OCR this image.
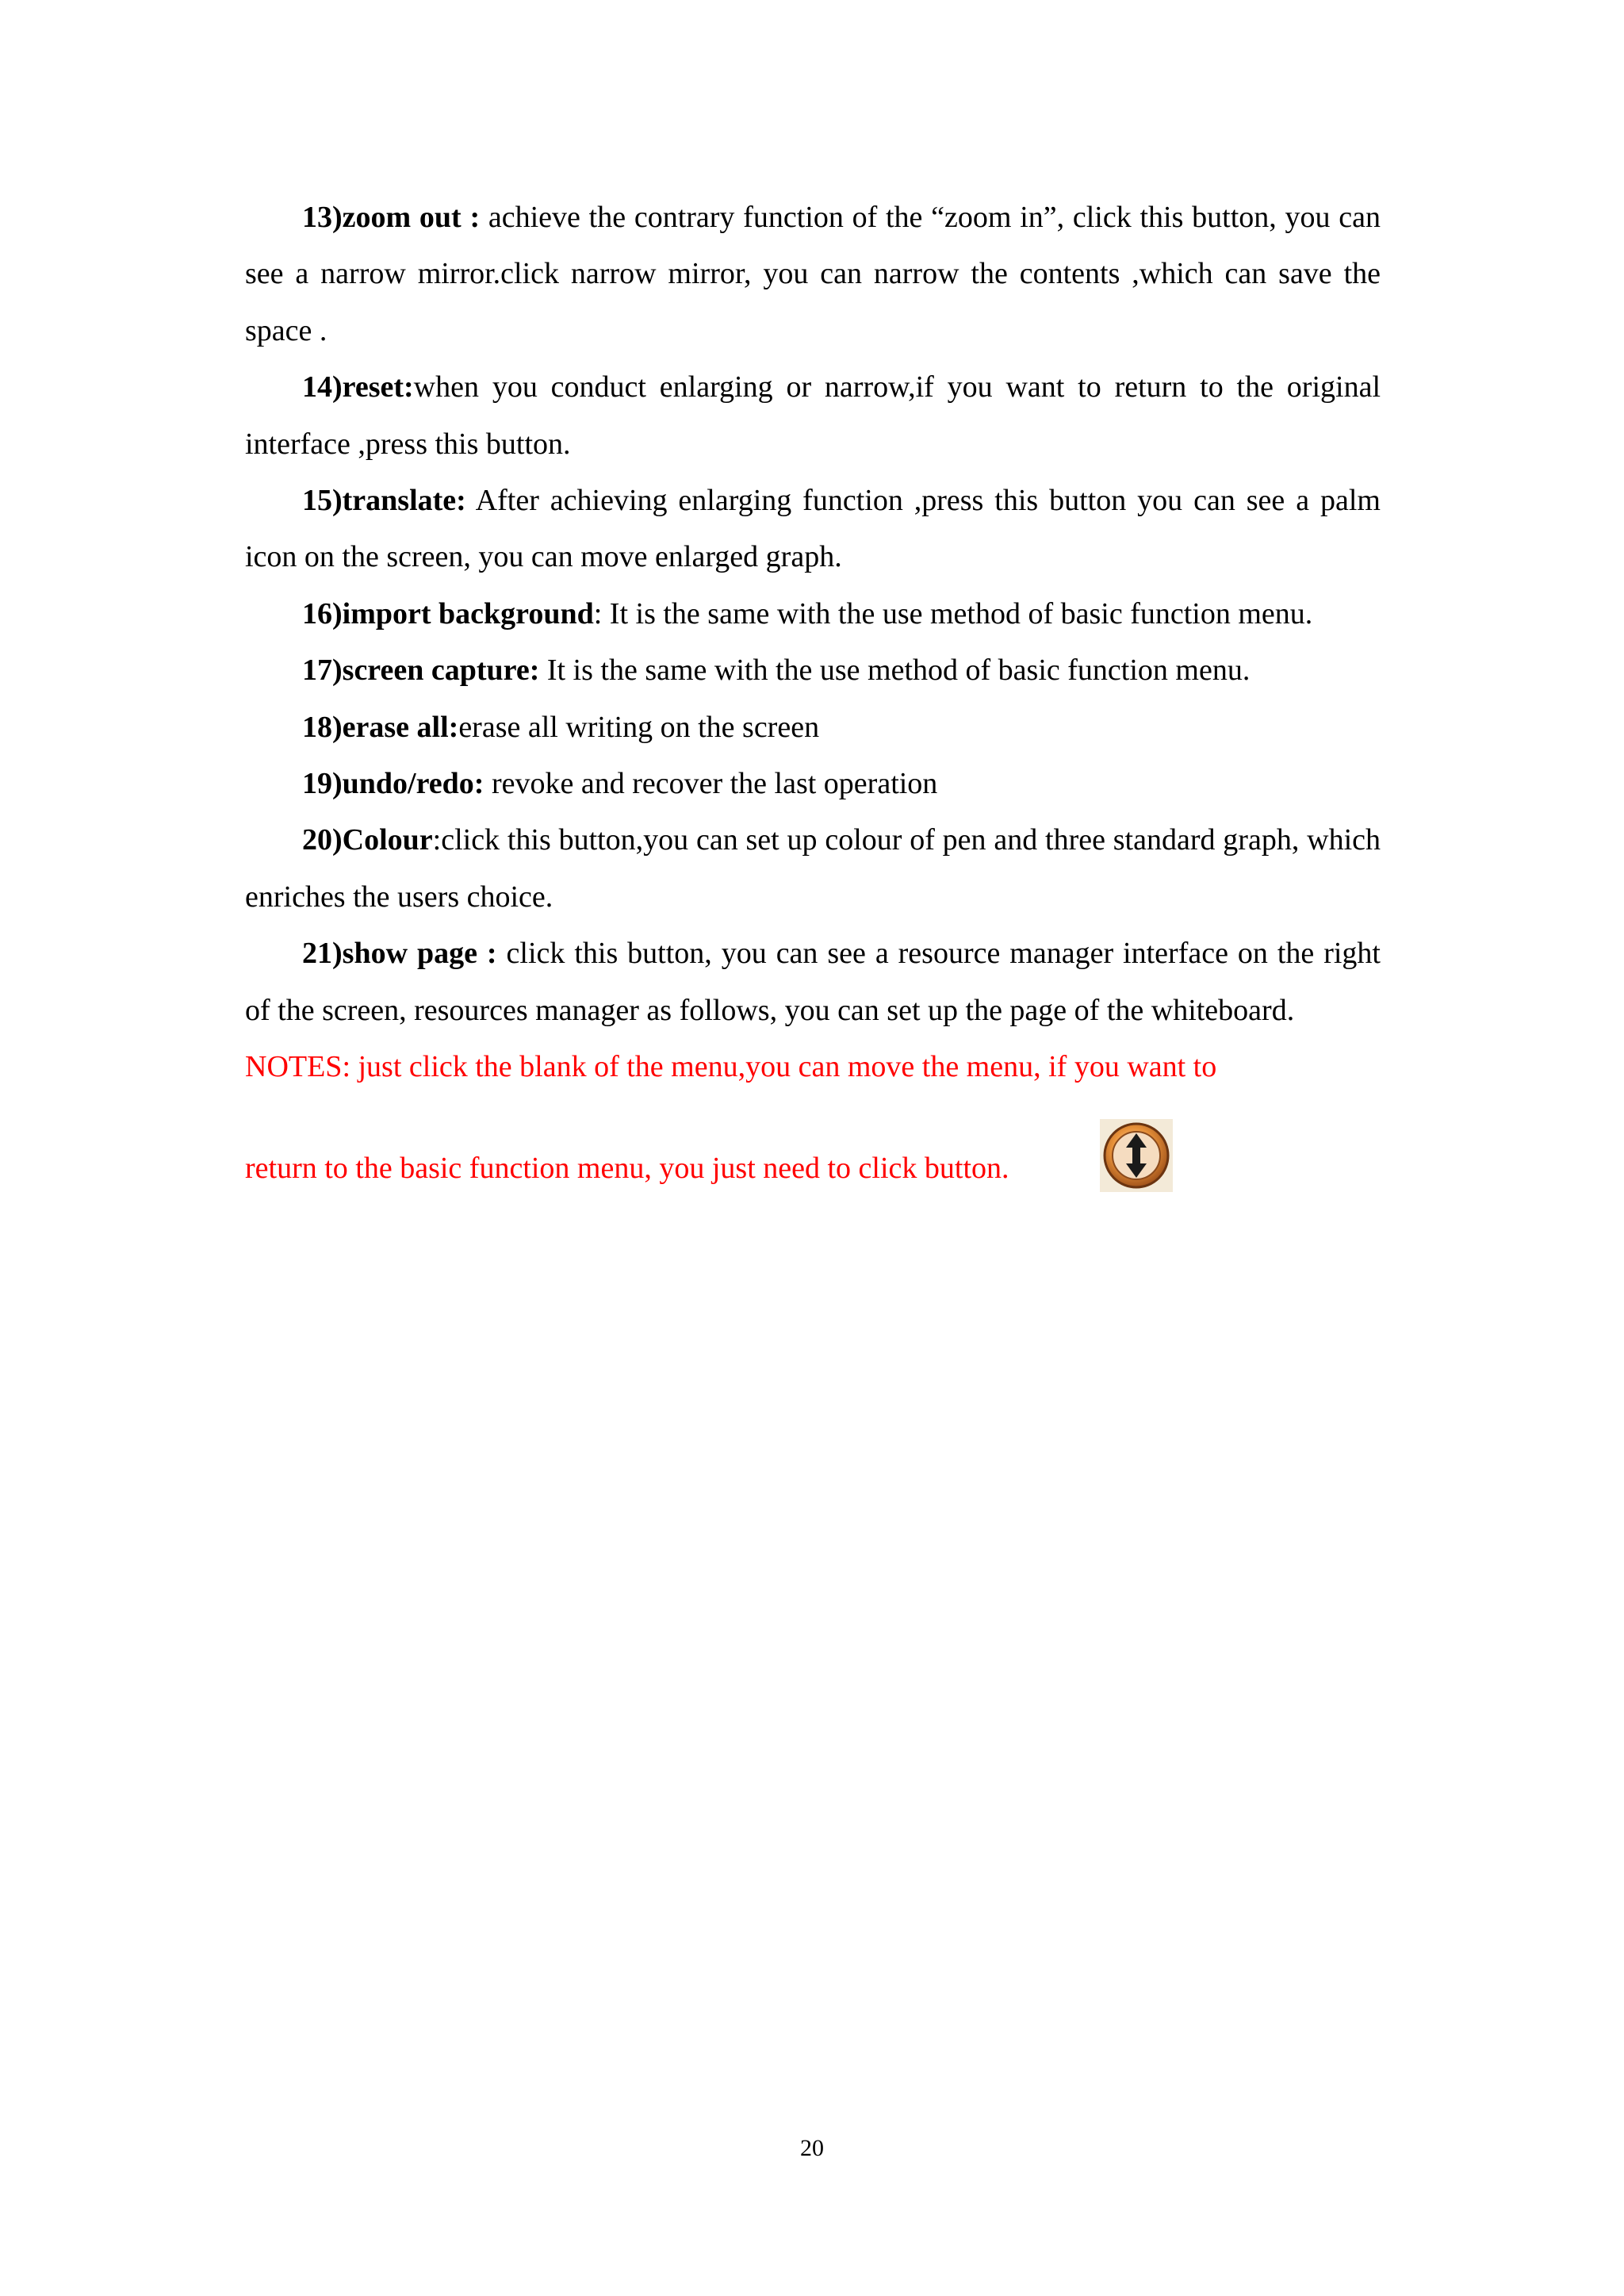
13)zoom out : achieve the contrary function of the “zoom in”, click this button, you can see a narrow mirror.click narrow mirror, you can narrow the contents ,which can save the space .

14)reset:when you conduct enlarging or narrow,if you want to return to the original interface ,press this button.

15)translate: After achieving enlarging function ,press this button you can see a palm icon on the screen, you can move enlarged graph.

16)import background: It is the same with the use method of basic function menu.

17)screen capture: It is the same with the use method of basic function menu.

18)erase all:erase all writing on the screen

19)undo/redo: revoke and recover the last operation

20)Colour:click this button,you can set up colour of pen and three standard graph, which enriches the users choice.

21)show page : click this button, you can see a resource manager interface on the right of the screen, resources manager as follows, you can set up the page of the whiteboard.

NOTES: just click the blank of the menu,you can move the menu, if you want to

return to the basic function menu, you just need to click button.
20
